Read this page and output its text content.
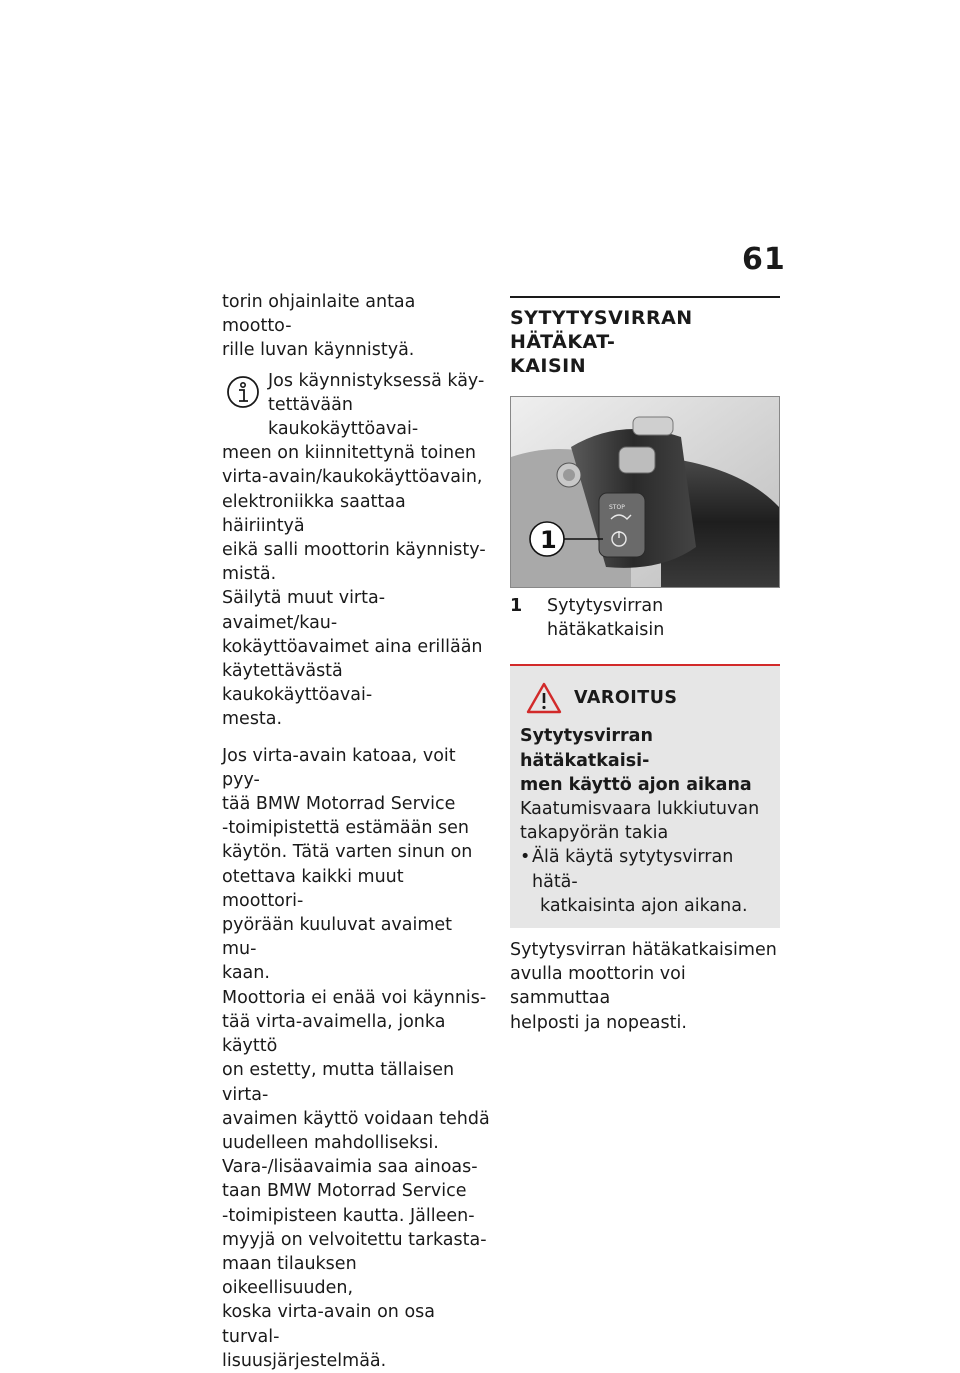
61

torin ohjainlaite antaa mootto-
rille luvan käynnistyä.

Jos käynnistyksessä käy-
tettävään kaukokäyttöavai-
meen on kiinnitettynä toinen
virta-avain/kaukokäyttöavain,
elektroniikka saattaa häiriintyä
eikä salli moottorin käynnisty-
mistä.
Säilytä muut virta-avaimet/kau-
kokäyttöavaimet aina erillään
käytettävästä kaukokäyttöavai-
mesta.

Jos virta-avain katoaa, voit pyy-
tää BMW Motorrad Service
-toimipistettä estämään sen
käytön. Tätä varten sinun on
otettava kaikki muut moottori-
pyörään kuuluvat avaimet mu-
kaan.

Moottoria ei enää voi käynnis-
tää virta-avaimella, jonka käyttö
on estetty, mutta tällaisen virta-
avaimen käyttö voidaan tehdä
uudelleen mahdolliseksi.

Vara-/lisäavaimia saa ainoas-
taan BMW Motorrad Service
-toimipisteen kautta. Jälleen-
myyjä on velvoitettu tarkasta-
maan tilauksen oikeellisuuden,
koska virta-avain on osa turval-
lisuusjärjestelmää.

SYTYTYSVIRRAN HÄTÄKAT-
KAISIN
STOP
1
1	Sytytysvirran hätäkatkaisin
VAROITUS
Sytytysvirran hätäkatkaisi-
men käyttö ajon aikana
Kaatumisvaara lukkiutuvan
takapyörän takia
• Älä käytä sytytysvirran hätä-
katkaisinta ajon aikana.

Sytytysvirran hätäkatkaisimen
avulla moottorin voi sammuttaa
helposti ja nopeasti.
